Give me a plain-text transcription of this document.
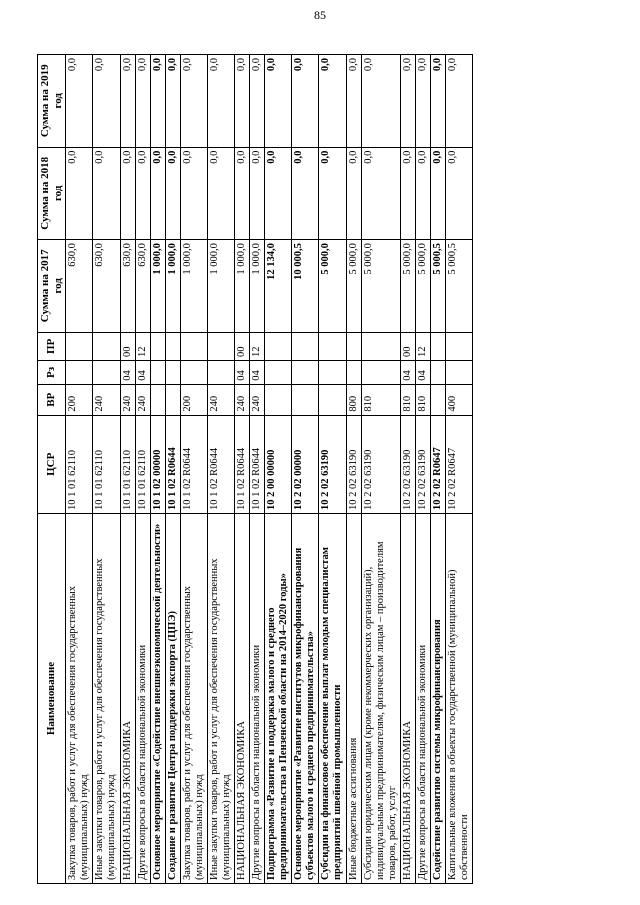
85
Наименование	ЦСР	ВР	Рз	ПР	Сумма на 2017 год	Сумма на 2018 год	Сумма на 2019 год
Закупка товаров, работ и услуг для обеспечения государственных (муниципальных) нужд	10 1 01 62110	200			630,0	0,0	0,0
Иные закупки товаров, работ и услуг для обеспечения государственных (муниципальных) нужд	10 1 01 62110	240			630,0	0,0	0,0
НАЦИОНАЛЬНАЯ ЭКОНОМИКА	10 1 01 62110	240	04	00	630,0	0,0	0,0
Другие вопросы в области национальной экономики	10 1 01 62110	240	04	12	630,0	0,0	0,0
Основное мероприятие «Содействие внешнеэкономической деятельности»	10 1 02 00000				1 000,0	0,0	0,0
Создание и развитие Центра поддержки экспорта (ЦПЭ)	10 1 02 R0644				1 000,0	0,0	0,0
Закупка товаров, работ и услуг для обеспечения государственных (муниципальных) нужд	10 1 02 R0644	200			1 000,0	0,0	0,0
Иные закупки товаров, работ и услуг для обеспечения государственных (муниципальных) нужд	10 1 02 R0644	240			1 000,0	0,0	0,0
НАЦИОНАЛЬНАЯ ЭКОНОМИКА	10 1 02 R0644	240	04	00	1 000,0	0,0	0,0
Другие вопросы в области национальной экономики	10 1 02 R0644	240	04	12	1 000,0	0,0	0,0
Подпрограмма «Развитие и поддержка малого и среднего предпринимательства в Пензенской области на 2014–2020 годы»	10 2 00 00000				12 134,0	0,0	0,0
Основное мероприятие «Развитие институтов микрофинансирования субъектов малого и среднего предпринимательства»	10 2 02 00000				10 000,5	0,0	0,0
Субсидии на финансовое обеспечение выплат молодым специалистам предприятий швейной промышленности	10 2 02 63190				5 000,0	0,0	0,0
Иные бюджетные ассигнования	10 2 02 63190	800			5 000,0	0,0	0,0
Субсидии юридическим лицам (кроме некоммерческих организаций), индивидуальным предпринимателям, физическим лицам – производителям товаров, работ, услуг	10 2 02 63190	810			5 000,0	0,0	0,0
НАЦИОНАЛЬНАЯ ЭКОНОМИКА	10 2 02 63190	810	04	00	5 000,0	0,0	0,0
Другие вопросы в области национальной экономики	10 2 02 63190	810	04	12	5 000,0	0,0	0,0
Содействие развитию системы микрофинансирования	10 2 02 R0647				5 000,5	0,0	0,0
Капитальные вложения в объекты государственной (муниципальной) собственности	10 2 02 R0647	400			5 000,5	0,0	0,0
